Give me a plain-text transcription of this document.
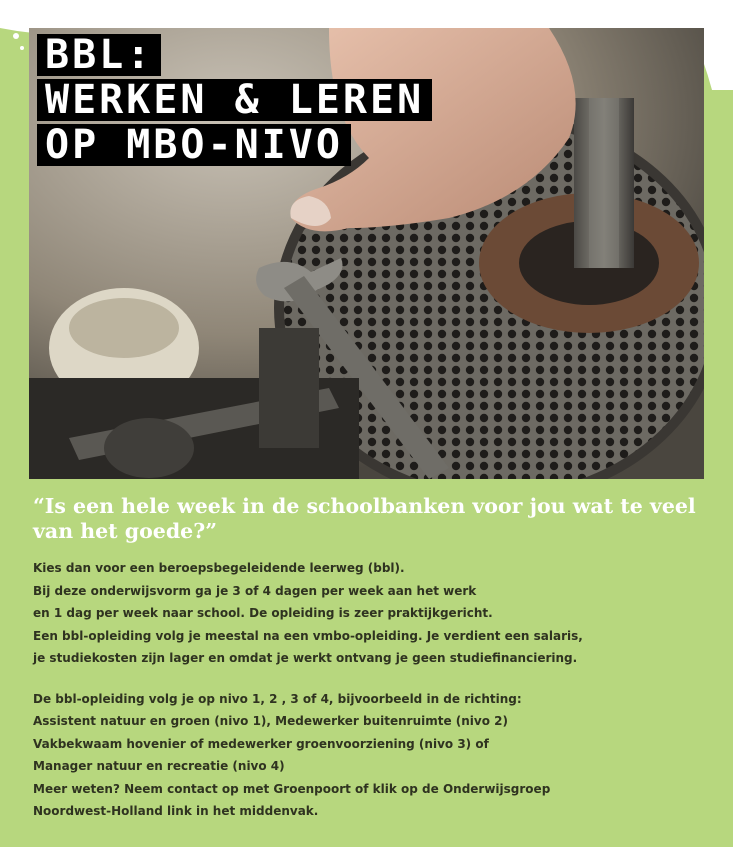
BBL:
WERKEN & LEREN
OP MBO-NIVO

“Is een hele week in de schoolbanken voor jou wat te veel van het goede?”

Kies dan voor een beroepsbegeleidende leerweg (bbl).

Bij deze onderwijsvorm ga je 3 of 4 dagen per week aan het werk

en 1 dag per week naar school. De opleiding is zeer praktijkgericht.

Een bbl-opleiding volg je meestal na een vmbo-opleiding. Je verdient een salaris,

je studiekosten zijn lager en omdat je werkt ontvang je geen studiefinanciering.

De bbl-opleiding volg je op nivo 1, 2 , 3 of 4, bijvoorbeeld in de richting:

Assistent natuur en groen (nivo 1), Medewerker buitenruimte (nivo 2)

Vakbekwaam hovenier of medewerker groenvoorziening (nivo 3) of

Manager natuur en recreatie (nivo 4)

Meer weten? Neem contact op met Groenpoort of klik op de Onderwijsgroep

Noordwest-Holland link in het middenvak.
